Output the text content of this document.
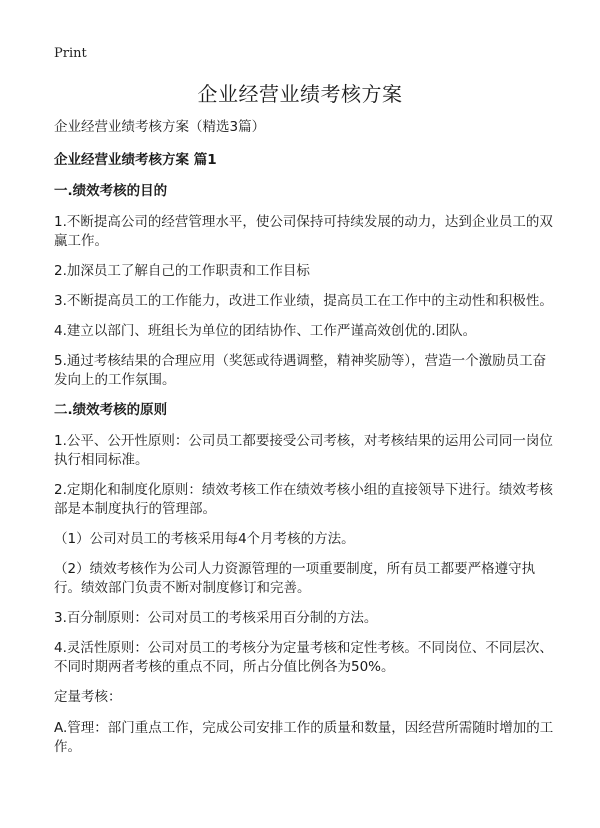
Print
企业经营业绩考核方案

企业经营业绩考核方案（精选3篇）

企业经营业绩考核方案 篇1

一.绩效考核的目的

1.不断提高公司的经营管理水平，使公司保持可持续发展的动力，达到企业员工的双赢工作。

2.加深员工了解自己的工作职责和工作目标

3.不断提高员工的工作能力，改进工作业绩，提高员工在工作中的主动性和积极性。

4.建立以部门、班组长为单位的团结协作、工作严谨高效创优的.团队。

5.通过考核结果的合理应用（奖惩或待遇调整，精神奖励等），营造一个激励员工奋发向上的工作氛围。

二.绩效考核的原则

1.公平、公开性原则：公司员工都要接受公司考核，对考核结果的运用公司同一岗位执行相同标准。

2.定期化和制度化原则：绩效考核工作在绩效考核小组的直接领导下进行。绩效考核部是本制度执行的管理部。

（1）公司对员工的考核采用每4个月考核的方法。

（2）绩效考核作为公司人力资源管理的一项重要制度，所有员工都要严格遵守执行。绩效部门负责不断对制度修订和完善。

3.百分制原则：公司对员工的考核采用百分制的方法。

4.灵活性原则：公司对员工的考核分为定量考核和定性考核。不同岗位、不同层次、不同时期两者考核的重点不同，所占分值比例各为50%。

定量考核：

A.管理：部门重点工作，完成公司安排工作的质量和数量，因经营所需随时增加的工作。
